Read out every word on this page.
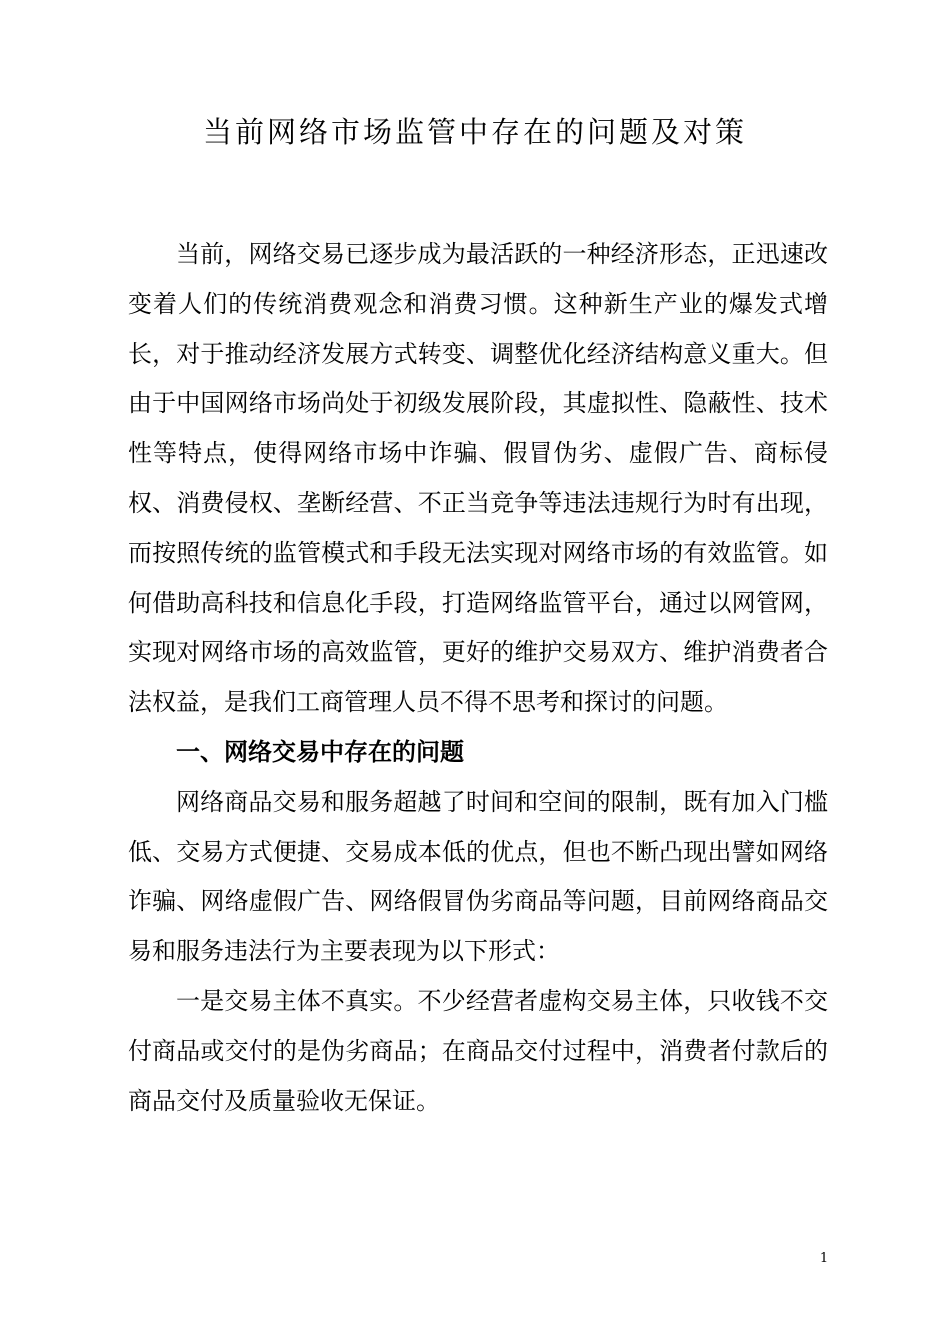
当前网络市场监管中存在的问题及对策

当前，网络交易已逐步成为最活跃的一种经济形态，正迅速改变着人们的传统消费观念和消费习惯。这种新生产业的爆发式增长，对于推动经济发展方式转变、调整优化经济结构意义重大。但由于中国网络市场尚处于初级发展阶段，其虚拟性、隐蔽性、技术性等特点，使得网络市场中诈骗、假冒伪劣、虚假广告、商标侵权、消费侵权、垄断经营、不正当竞争等违法违规行为时有出现，而按照传统的监管模式和手段无法实现对网络市场的有效监管。如何借助高科技和信息化手段，打造网络监管平台，通过以网管网，实现对网络市场的高效监管，更好的维护交易双方、维护消费者合法权益，是我们工商管理人员不得不思考和探讨的问题。

一、网络交易中存在的问题

网络商品交易和服务超越了时间和空间的限制，既有加入门槛低、交易方式便捷、交易成本低的优点，但也不断凸现出譬如网络诈骗、网络虚假广告、网络假冒伪劣商品等问题，目前网络商品交易和服务违法行为主要表现为以下形式：

一是交易主体不真实。不少经营者虚构交易主体，只收钱不交付商品或交付的是伪劣商品；在商品交付过程中，消费者付款后的商品交付及质量验收无保证。

1
